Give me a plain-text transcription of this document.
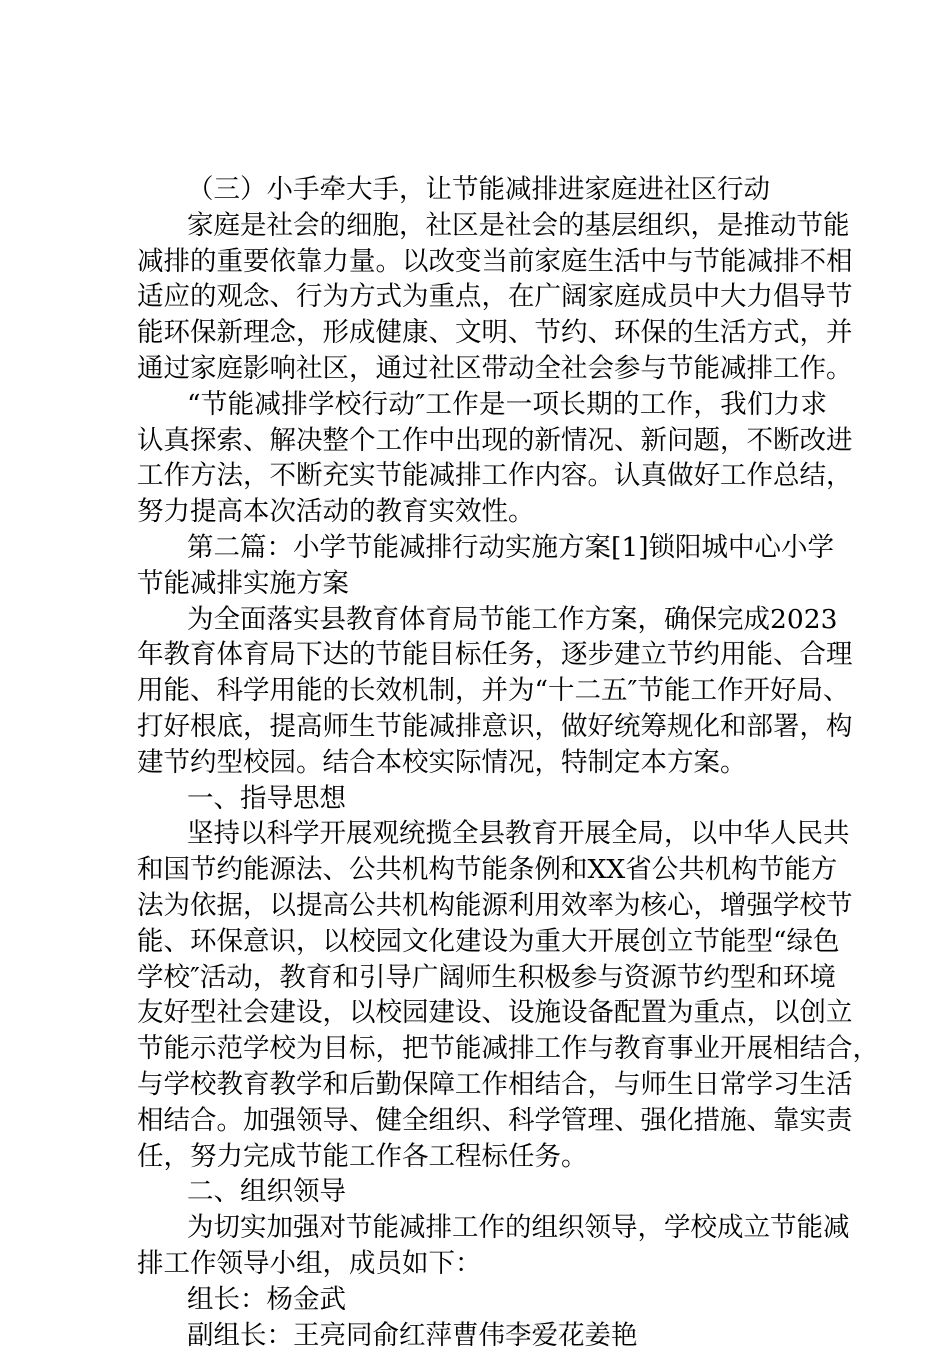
（三）小手牵大手，让节能减排进家庭进社区行动
家庭是社会的细胞，社区是社会的基层组织，是推动节能
减排的重要依靠力量。以改变当前家庭生活中与节能减排不相
适应的观念、行为方式为重点，在广阔家庭成员中大力倡导节
能环保新理念，形成健康、文明、节约、环保的生活方式，并
通过家庭影响社区，通过社区带动全社会参与节能减排工作。
“节能减排学校行动″工作是一项长期的工作，我们力求
认真探索、解决整个工作中出现的新情况、新问题，不断改进
工作方法，不断充实节能减排工作内容。认真做好工作总结，
努力提高本次活动的教育实效性。
第二篇：小学节能减排行动实施方案[1]锁阳城中心小学
节能减排实施方案
为全面落实县教育体育局节能工作方案，确保完成2023
年教育体育局下达的节能目标任务，逐步建立节约用能、合理
用能、科学用能的长效机制，并为“十二五″节能工作开好局、
打好根底，提高师生节能减排意识，做好统筹规化和部署，构
建节约型校园。结合本校实际情况，特制定本方案。
一、指导思想
坚持以科学开展观统揽全县教育开展全局，以中华人民共
和国节约能源法、公共机构节能条例和XX省公共机构节能方
法为依据，以提高公共机构能源利用效率为核心，增强学校节
能、环保意识，以校园文化建设为重大开展创立节能型“绿色
学校″活动，教育和引导广阔师生积极参与资源节约型和环境
友好型社会建设，以校园建设、设施设备配置为重点，以创立
节能示范学校为目标，把节能减排工作与教育事业开展相结合，
与学校教育教学和后勤保障工作相结合，与师生日常学习生活
相结合。加强领导、健全组织、科学管理、强化措施、靠实责
任，努力完成节能工作各工程标任务。
二、组织领导
为切实加强对节能减排工作的组织领导，学校成立节能减
排工作领导小组，成员如下：
组长：杨金武
副组长：王亮同俞红萍曹伟李爱花姜艳
